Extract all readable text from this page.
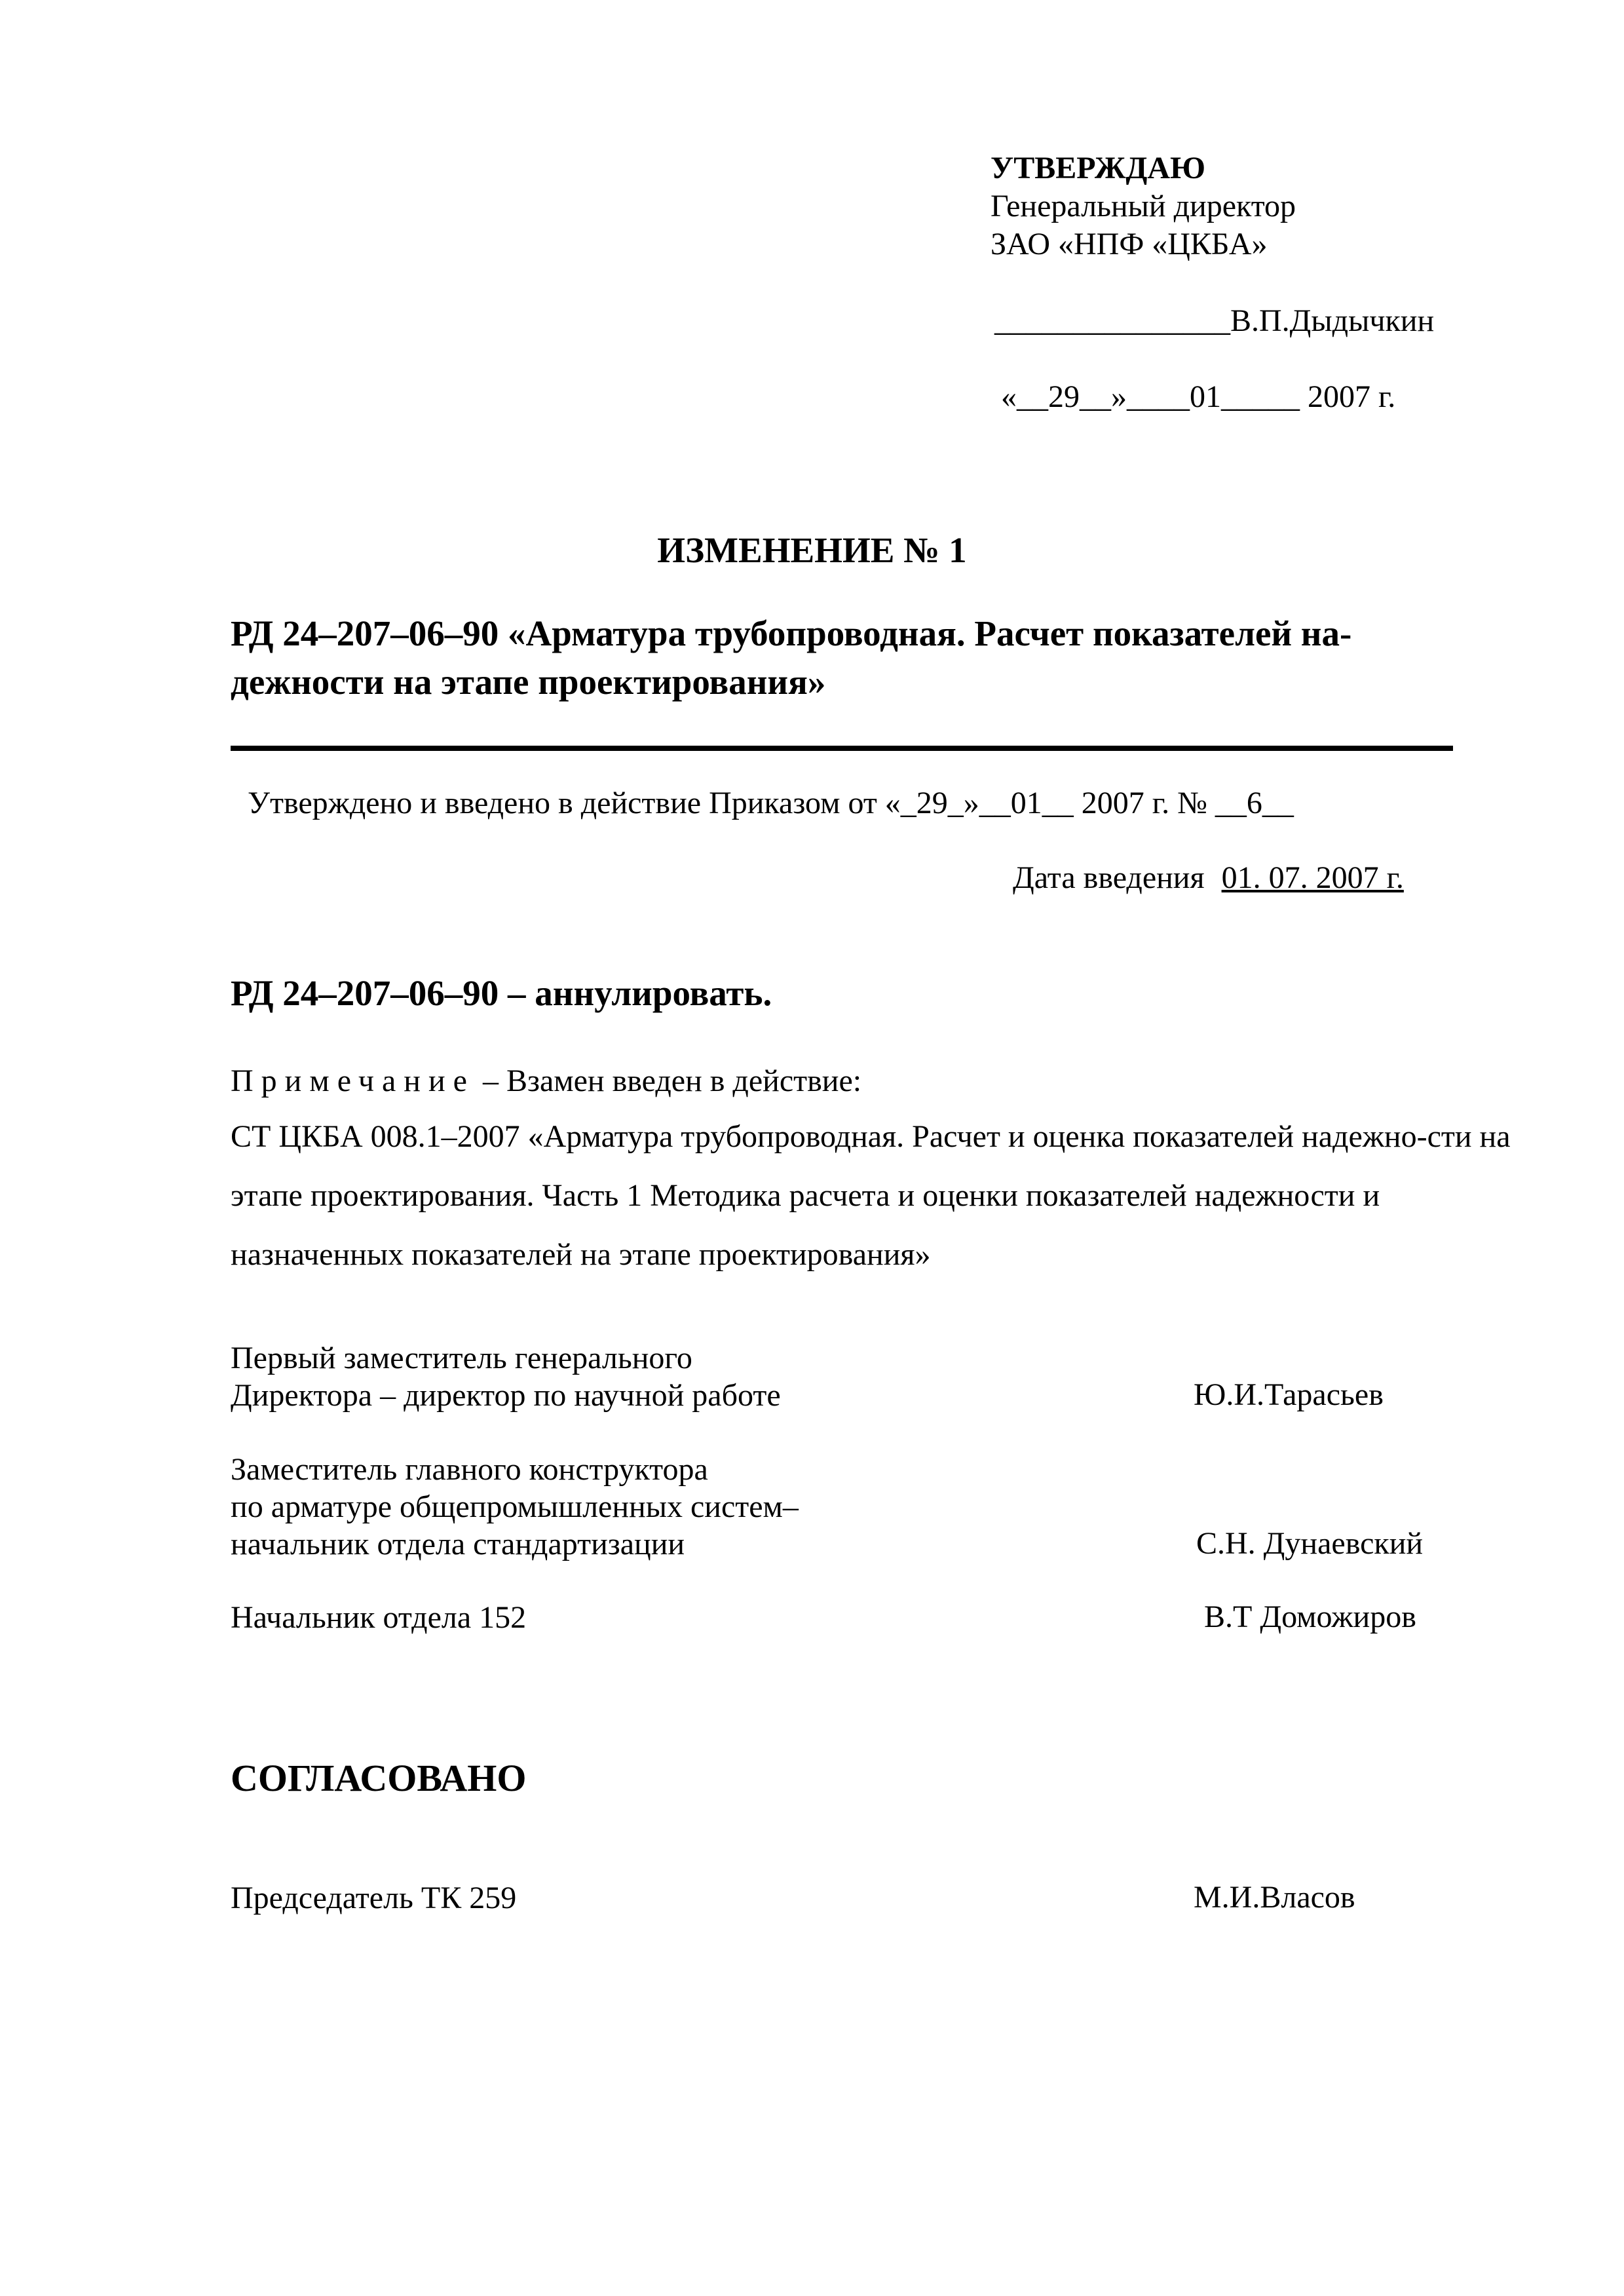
УТВЕРЖДАЮ
Генеральный директор
ЗАО «НПФ «ЦКБА»
_______________В.П.Дыдычкин
«__29__»____01_____ 2007 г.
ИЗМЕНЕНИЕ № 1
РД 24–207–06–90 «Арматура трубопроводная. Расчет показателей на-дежности на этапе проектирования»
Утверждено и введено в действие Приказом от «_29_»__01__ 2007 г. № __6__
Дата введения 01. 07. 2007 г.
РД 24–207–06–90 – аннулировать.
Примечание – Взамен введен в действие:
СТ ЦКБА 008.1–2007 «Арматура трубопроводная. Расчет и оценка показателей надежно-сти на этапе проектирования. Часть 1 Методика расчета и оценки показателей надежности и назначенных показателей на этапе проектирования»
Первый заместитель генерального
Директора – директор по научной работе	Ю.И.Тарасьев
Заместитель главного конструктора
по арматуре общепромышленных систем–
начальник отдела стандартизации	С.Н. Дунаевский
Начальник отдела 152	В.Т Доможиров
СОГЛАСОВАНО
Председатель ТК 259	М.И.Власов
